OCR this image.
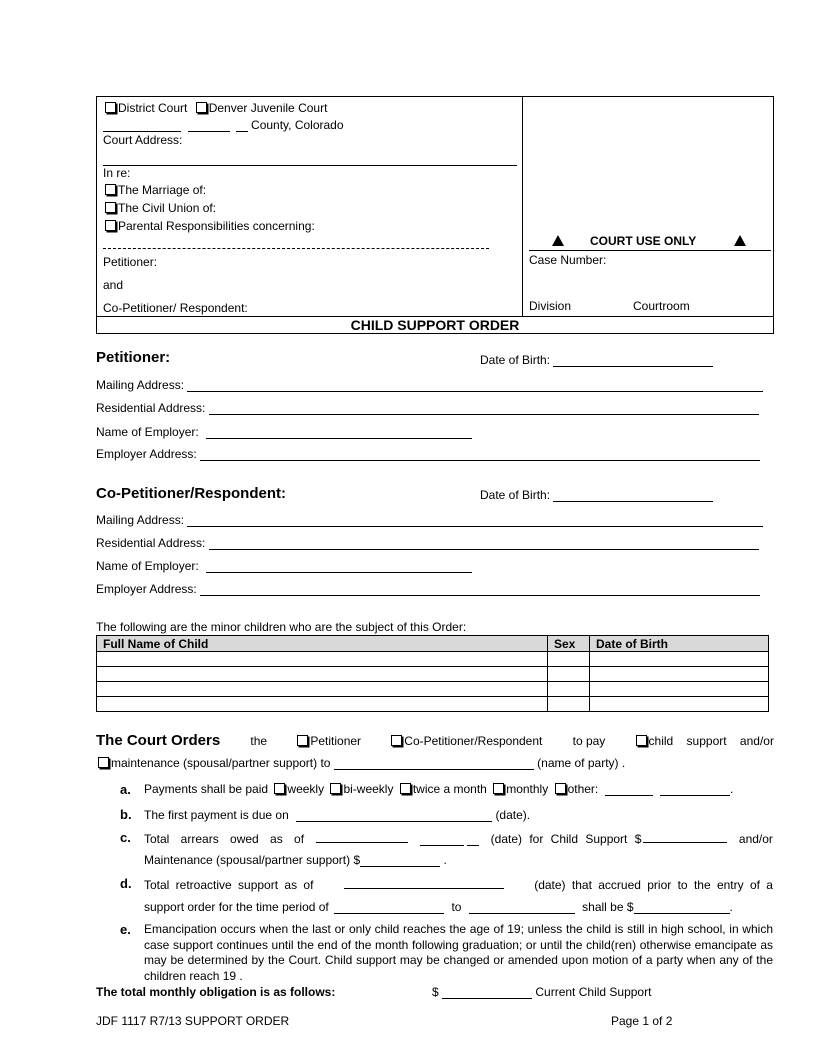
District Court Denver Juvenile Court
County, Colorado
Court Address:
In re:
The Marriage of:
The Civil Union of:
Parental Responsibilities concerning:
Petitioner:
and
Co-Petitioner/ Respondent:
COURT USE ONLY
Case Number:
Division	Courtroom
CHILD SUPPORT ORDER
Petitioner:	Date of Birth:
Mailing Address:
Residential Address:
Name of Employer:
Employer Address:
Co-Petitioner/Respondent:	Date of Birth:
Mailing Address:
Residential Address:
Name of Employer:
Employer Address:
The following are the minor children who are the subject of this Order:
Full Name of Child	Sex	Date of Birth

The Court Orders	the	Petitioner	Co-Petitioner/Respondent	to pay	child support and/or
maintenance (spousal/partner support) to	(name of party) .
a. Payments shall be paid weekly bi-weekly twice a month monthly other:	.
b. The first payment is due on	(date).
c. Total arrears owed as of
	(date) for Child Support $	and/or
Maintenance (spousal/partner support) $	.
d. Total retroactive support as of	(date) that accrued prior to the entry of a
support order for the time period of	to	shall be $	.
e. Emancipation occurs when the last or only child reaches the age of 19; unless the child is still in high school, in which case support continues until the end of the month following graduation; or until the child(ren) otherwise emancipate as may be determined by the Court. Child support may be changed or amended upon motion of a party when any of the children reach 19 .
The total monthly obligation is as follows:	$	Current Child Support
JDF 1117 R7/13 SUPPORT ORDER	Page 1 of 2
